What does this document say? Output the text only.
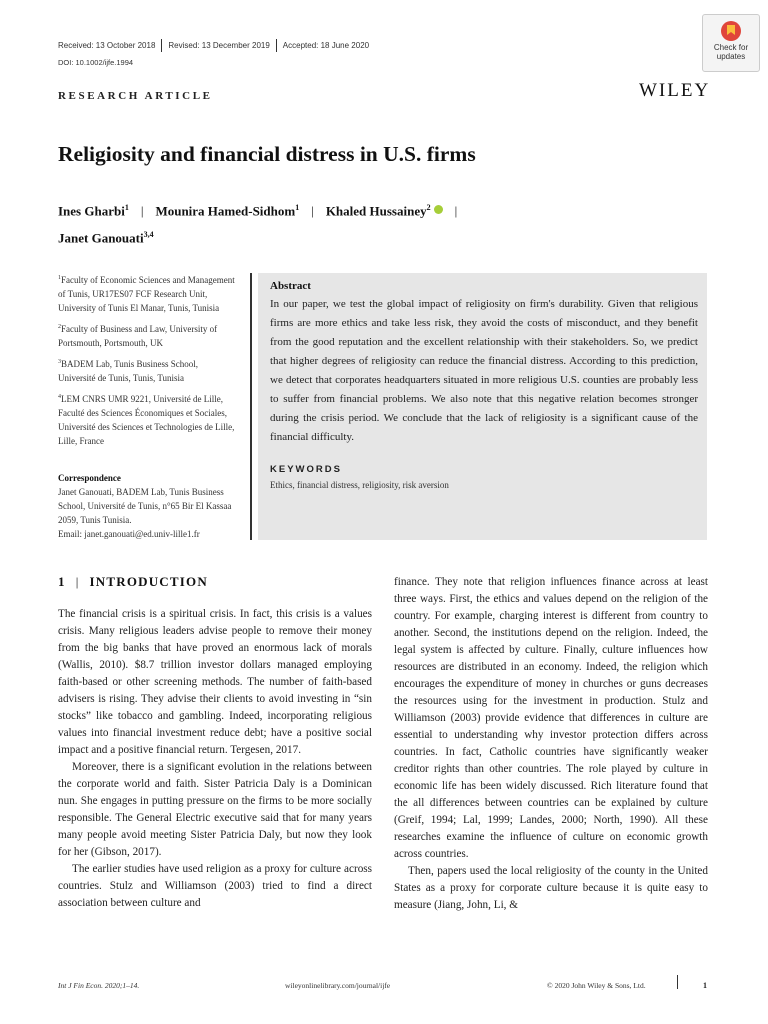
Received: 13 October 2018	Revised: 13 December 2019	Accepted: 18 June 2020
DOI: 10.1002/ijfe.1994
Check for
updates
WILEY
RESEARCH ARTICLE
Religiosity and financial distress in U.S. firms
Ines Gharbi$^1$ | Mounira Hamed-Sidhom$^1$ | Khaled Hussainey$^2$ |
Janet Ganouati$^{3,4}$

$^1$Faculty of Economic Sciences and Management of Tunis, UR17ES07 FCF Research Unit, University of Tunis El Manar, Tunis, Tunisia

$^2$Faculty of Business and Law, University of Portsmouth, Portsmouth, UK

$^3$BADEM Lab, Tunis Business School, Université de Tunis, Tunis, Tunisia

$^4$LEM CNRS UMR 9221, Université de Lille, Faculté des Sciences Économiques et Sociales, Université des Sciences et Technologies de Lille, Lille, France

Correspondence
Janet Ganouati, BADEM Lab, Tunis Business School, Université de Tunis, n°65 Bir El Kassaa 2059, Tunis Tunisia.
Email: janet.ganouati@ed.univ-lille1.fr
Abstract
In our paper, we test the global impact of religiosity on firm's durability. Given that religious firms are more ethics and take less risk, they avoid the costs of misconduct, and they benefit from the good reputation and the excellent relationship with their stakeholders. So, we predict that higher degrees of religiosity can reduce the financial distress. According to this prediction, we detect that corporates headquarters situated in more religious U.S. counties are probably less to suffer from financial problems. We also note that this negative relation becomes stronger during the crisis period. We conclude that the lack of religiosity is a significant cause of the financial difficulty.
KEYWORDS
Ethics, financial distress, religiosity, risk aversion
1 | INTRODUCTION

The financial crisis is a spiritual crisis. In fact, this crisis is a values crisis. Many religious leaders advise people to remove their money from the big banks that have proved an enormous lack of morals (Wallis, 2010). $8.7 trillion investor dollars managed employing faith-based or other screening methods. The number of faith-based advisers is rising. They advise their clients to avoid investing in “sin stocks” like tobacco and gambling. Indeed, incorporating religious values into financial investment reduce debt; have a positive social impact and a positive financial return. Tergesen, 2017.

Moreover, there is a significant evolution in the relations between the corporate world and faith. Sister Patricia Daly is a Dominican nun. She engages in putting pressure on the firms to be more socially responsible. The General Electric executive said that for many years many people avoid meeting Sister Patricia Daly, but now they look for her (Gibson, 2017).

The earlier studies have used religion as a proxy for culture across countries. Stulz and Williamson (2003) tried to find a direct association between culture and

finance. They note that religion influences finance across at least three ways. First, the ethics and values depend on the religion of the country. For example, charging interest is different from country to another. Second, the institutions depend on the religion. Indeed, the legal system is affected by culture. Finally, culture influences how resources are distributed in an economy. Indeed, the religion which encourages the expenditure of money in churches or guns decreases the resources using for the investment in production. Stulz and Williamson (2003) provide evidence that differences in culture are essential to understanding why investor protection differs across countries. In fact, Catholic countries have significantly weaker creditor rights than other countries. The role played by culture in economic life has been widely discussed. Rich literature found that the all differences between countries can be explained by culture (Greif, 1994; Lal, 1999; Landes, 2000; North, 1990). All these researches examine the influence of culture on economic growth across countries.

Then, papers used the local religiosity of the county in the United States as a proxy for corporate culture because it is quite easy to measure (Jiang, John, Li, &

Int J Fin Econ. 2020;1–14.	wileyonlinelibrary.com/journal/ijfe	© 2020 John Wiley & Sons, Ltd.	1
